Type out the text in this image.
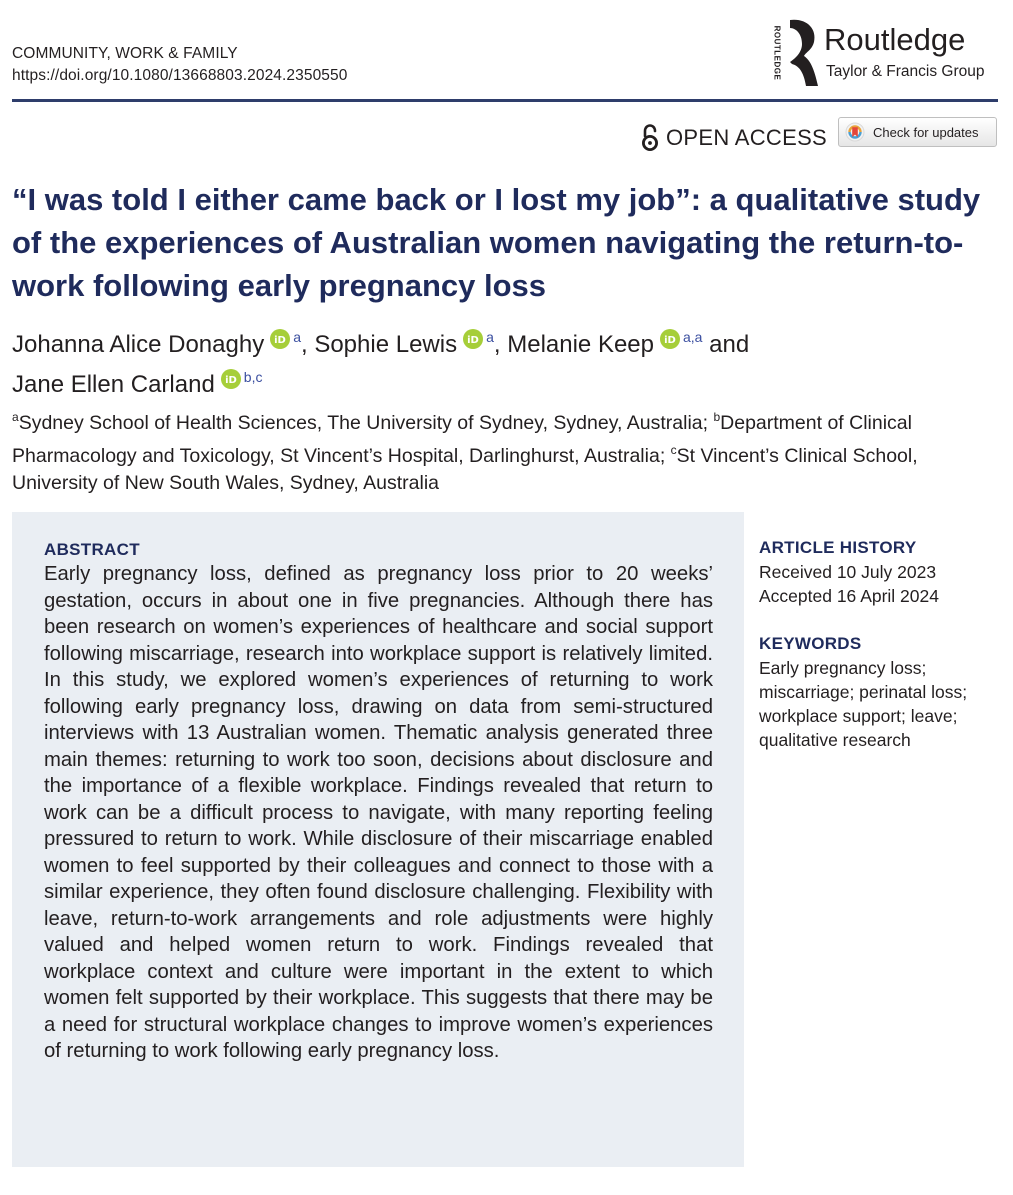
COMMUNITY, WORK & FAMILY
https://doi.org/10.1080/13668803.2024.2350550	ROUTLEDGE Routledge
Taylor & Francis Group
OPEN ACCESS	Check for updates
“I was told I either came back or I lost my job”: a qualitative study of the experiences of Australian women navigating the return-to-work following early pregnancy loss
Johanna Alice Donaghy iD $^a$, Sophie Lewis iD $^a$, Melanie Keep iD $^{a,a}$ and
Jane Ellen Carland iD $^{b,c}$
$^a$Sydney School of Health Sciences, The University of Sydney, Sydney, Australia; $^b$Department of Clinical Pharmacology and Toxicology, St Vincent’s Hospital, Darlinghurst, Australia; $^c$St Vincent’s Clinical School, University of New South Wales, Sydney, Australia
ABSTRACT

Early pregnancy loss, defined as pregnancy loss prior to 20 weeks’ gestation, occurs in about one in five pregnancies. Although there has been research on women’s experiences of healthcare and social support following miscarriage, research into workplace support is relatively limited. In this study, we explored women’s experiences of returning to work following early pregnancy loss, drawing on data from semi-structured interviews with 13 Australian women. Thematic analysis generated three main themes: returning to work too soon, decisions about disclosure and the importance of a flexible workplace. Findings revealed that return to work can be a difficult process to navigate, with many reporting feeling pressured to return to work. While disclosure of their miscarriage enabled women to feel supported by their colleagues and connect to those with a similar experience, they often found disclosure challenging. Flexibility with leave, return-to-work arrangements and role adjustments were highly valued and helped women return to work. Findings revealed that workplace context and culture were important in the extent to which women felt supported by their workplace. This suggests that there may be a need for structural workplace changes to improve women’s experiences of returning to work following early pregnancy loss.

ARTICLE HISTORY
Received 10 July 2023
Accepted 16 April 2024
KEYWORDS
Early pregnancy loss; miscarriage; perinatal loss; workplace support; leave; qualitative research
